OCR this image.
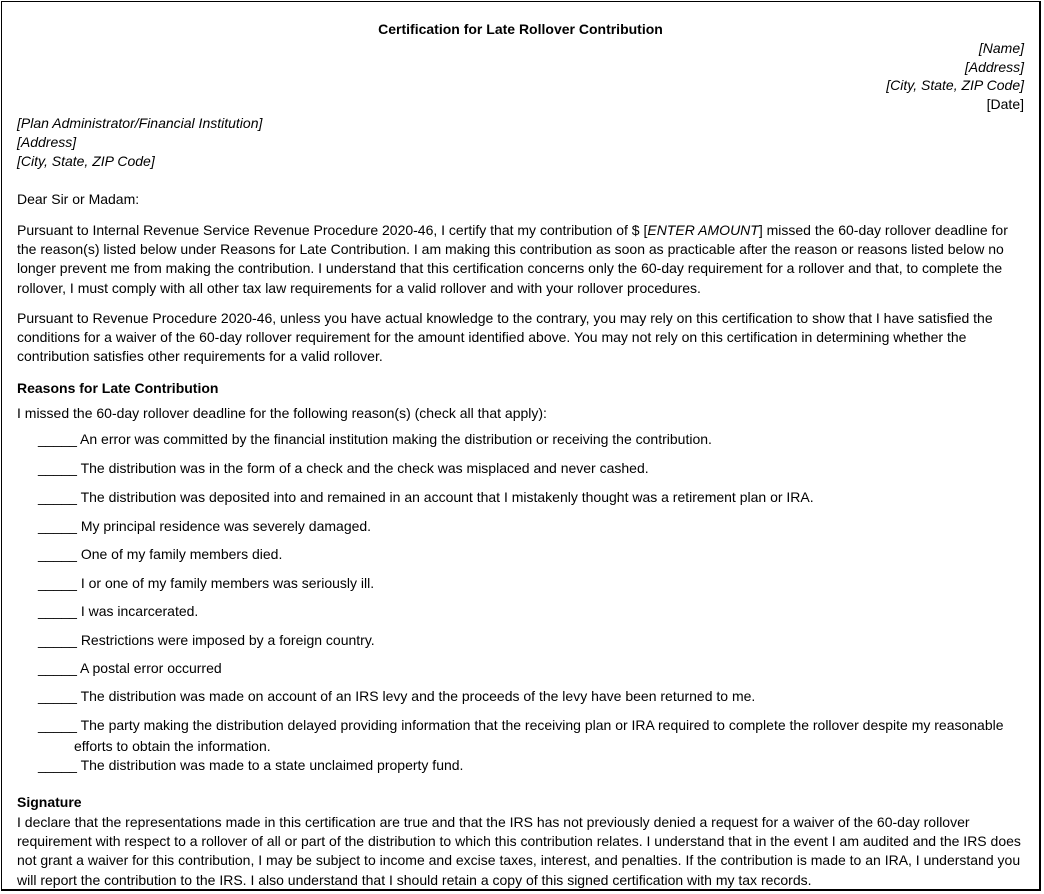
Certification for Late Rollover Contribution
[Name]
[Address]
[City, State, ZIP Code]
[Date]
[Plan Administrator/Financial Institution]
[Address]
[City, State, ZIP Code]
Dear Sir or Madam:
Pursuant to Internal Revenue Service Revenue Procedure 2020-46, I certify that my contribution of $ [ENTER AMOUNT] missed the 60-day rollover deadline for the reason(s) listed below under Reasons for Late Contribution. I am making this contribution as soon as practicable after the reason or reasons listed below no longer prevent me from making the contribution. I understand that this certification concerns only the 60-day requirement for a rollover and that, to complete the rollover, I must comply with all other tax law requirements for a valid rollover and with your rollover procedures.
Pursuant to Revenue Procedure 2020-46, unless you have actual knowledge to the contrary, you may rely on this certification to show that I have satisfied the conditions for a waiver of the 60-day rollover requirement for the amount identified above. You may not rely on this certification in determining whether the contribution satisfies other requirements for a valid rollover.
Reasons for Late Contribution
I missed the 60-day rollover deadline for the following reason(s) (check all that apply):
_____ An error was committed by the financial institution making the distribution or receiving the contribution.
_____ The distribution was in the form of a check and the check was misplaced and never cashed.
_____ The distribution was deposited into and remained in an account that I mistakenly thought was a retirement plan or IRA.
_____ My principal residence was severely damaged.
_____ One of my family members died.
_____ I or one of my family members was seriously ill.
_____ I was incarcerated.
_____ Restrictions were imposed by a foreign country.
_____ A postal error occurred
_____ The distribution was made on account of an IRS levy and the proceeds of the levy have been returned to me.
_____ The party making the distribution delayed providing information that the receiving plan or IRA required to complete the rollover despite my reasonable efforts to obtain the information.
_____ The distribution was made to a state unclaimed property fund.
Signature
I declare that the representations made in this certification are true and that the IRS has not previously denied a request for a waiver of the 60-day rollover requirement with respect to a rollover of all or part of the distribution to which this contribution relates. I understand that in the event I am audited and the IRS does not grant a waiver for this contribution, I may be subject to income and excise taxes, interest, and penalties. If the contribution is made to an IRA, I understand you will report the contribution to the IRS. I also understand that I should retain a copy of this signed certification with my tax records.
